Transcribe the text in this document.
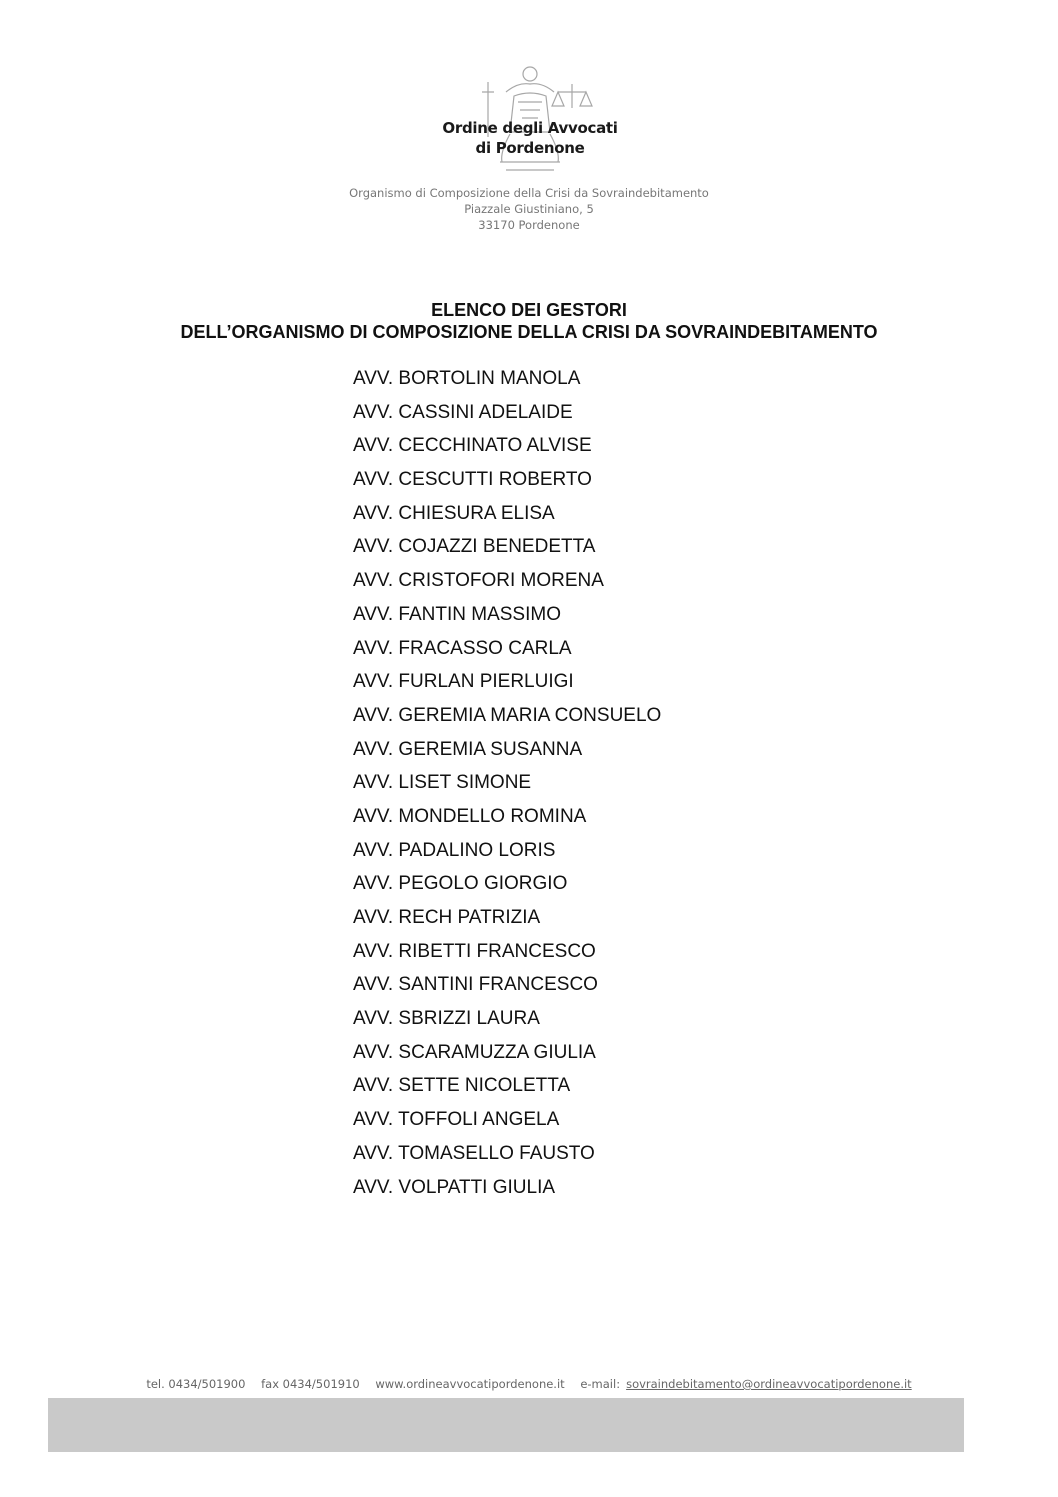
Ordine degli Avvocati
di Pordenone
Organismo di Composizione della Crisi da Sovraindebitamento
Piazzale Giustiniano, 5
33170 Pordenone
ELENCO DEI GESTORI
DELL’ORGANISMO DI COMPOSIZIONE DELLA CRISI DA SOVRAINDEBITAMENTO
AVV. BORTOLIN MANOLA
AVV. CASSINI ADELAIDE
AVV. CECCHINATO ALVISE
AVV. CESCUTTI ROBERTO
AVV. CHIESURA ELISA
AVV. COJAZZI BENEDETTA
AVV. CRISTOFORI MORENA
AVV. FANTIN MASSIMO
AVV. FRACASSO CARLA
AVV. FURLAN PIERLUIGI
AVV. GEREMIA MARIA CONSUELO
AVV. GEREMIA SUSANNA
AVV. LISET SIMONE
AVV. MONDELLO ROMINA
AVV. PADALINO LORIS
AVV. PEGOLO GIORGIO
AVV. RECH PATRIZIA
AVV. RIBETTI FRANCESCO
AVV. SANTINI FRANCESCO
AVV. SBRIZZI LAURA
AVV. SCARAMUZZA GIULIA
AVV. SETTE NICOLETTA
AVV. TOFFOLI ANGELA
AVV. TOMASELLO FAUSTO
AVV. VOLPATTI GIULIA
tel. 0434/501900 fax 0434/501910 www.ordineavvocatipordenone.it e-mail: sovraindebitamento@ordineavvocatipordenone.it
